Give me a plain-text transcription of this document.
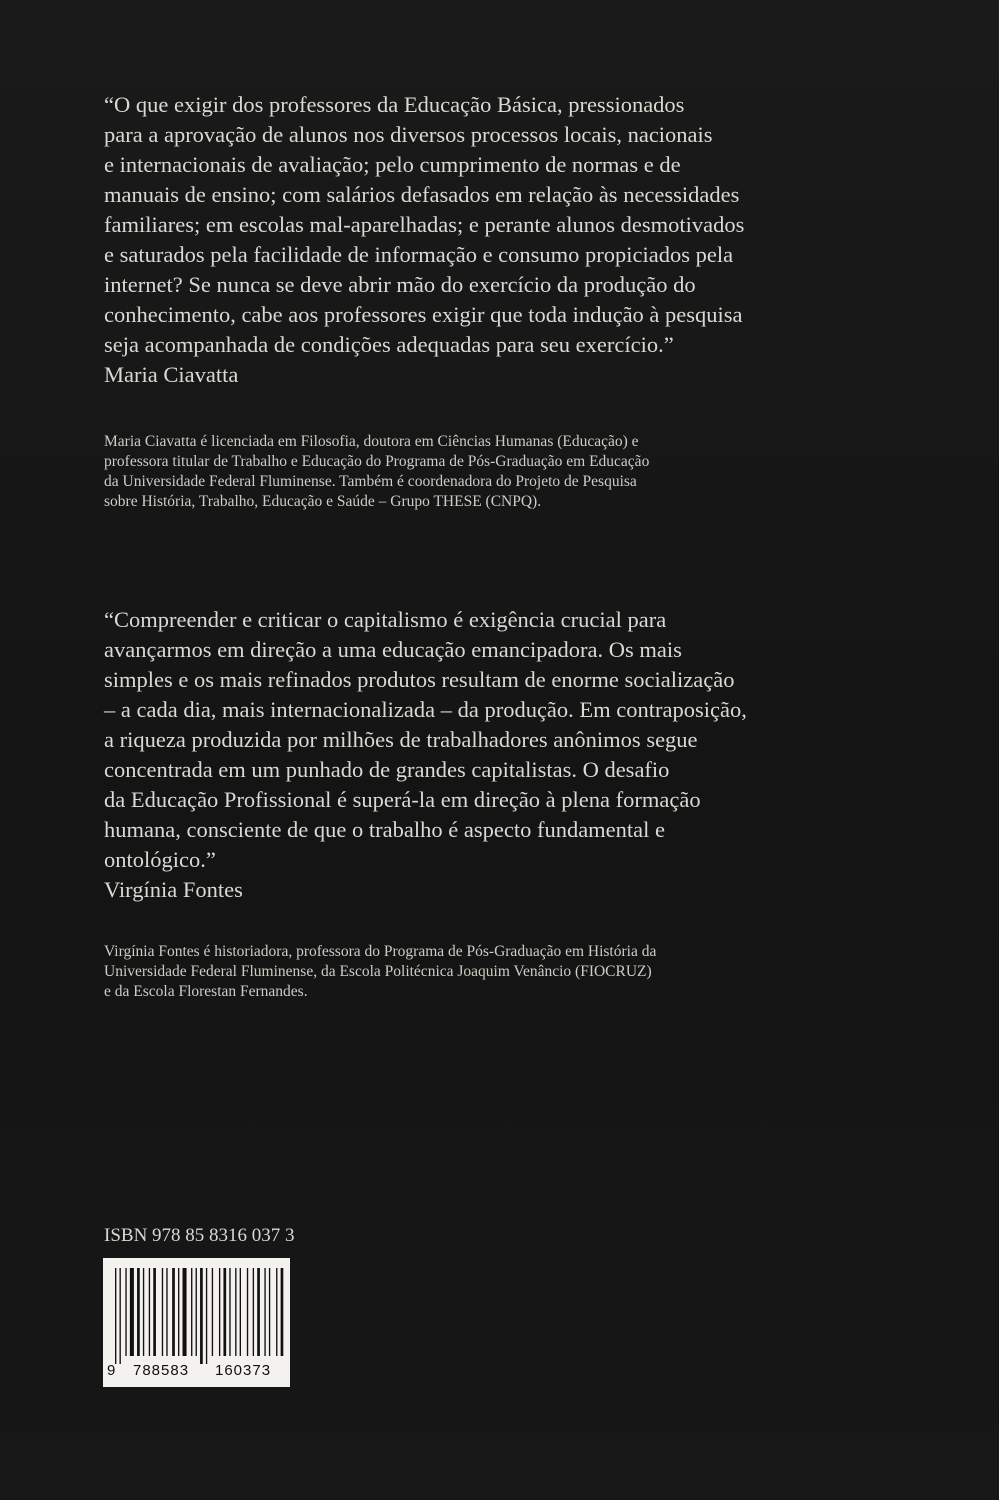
“O que exigir dos professores da Educação Básica, pressionados
para a aprovação de alunos nos diversos processos locais, nacionais
e internacionais de avaliação; pelo cumprimento de normas e de
manuais de ensino; com salários defasados em relação às necessidades
familiares; em escolas mal-aparelhadas; e perante alunos desmotivados
e saturados pela facilidade de informação e consumo propiciados pela
internet? Se nunca se deve abrir mão do exercício da produção do
conhecimento, cabe aos professores exigir que toda indução à pesquisa
seja acompanhada de condições adequadas para seu exercício.”
Maria Ciavatta
Maria Ciavatta é licenciada em Filosofia, doutora em Ciências Humanas (Educação) e
professora titular de Trabalho e Educação do Programa de Pós-Graduação em Educação
da Universidade Federal Fluminense. Também é coordenadora do Projeto de Pesquisa
sobre História, Trabalho, Educação e Saúde – Grupo THESE (CNPQ).
“Compreender e criticar o capitalismo é exigência crucial para
avançarmos em direção a uma educação emancipadora. Os mais
simples e os mais refinados produtos resultam de enorme socialização
– a cada dia, mais internacionalizada – da produção. Em contraposição,
a riqueza produzida por milhões de trabalhadores anônimos segue
concentrada em um punhado de grandes capitalistas. O desafio
da Educação Profissional é superá-la em direção à plena formação
humana, consciente de que o trabalho é aspecto fundamental e
ontológico.”
Virgínia Fontes
Virgínia Fontes é historiadora, professora do Programa de Pós-Graduação em História da
Universidade Federal Fluminense, da Escola Politécnica Joaquim Venâncio (FIOCRUZ)
e da Escola Florestan Fernandes.
ISBN 978 85 8316 037 3
9 788583 160373
